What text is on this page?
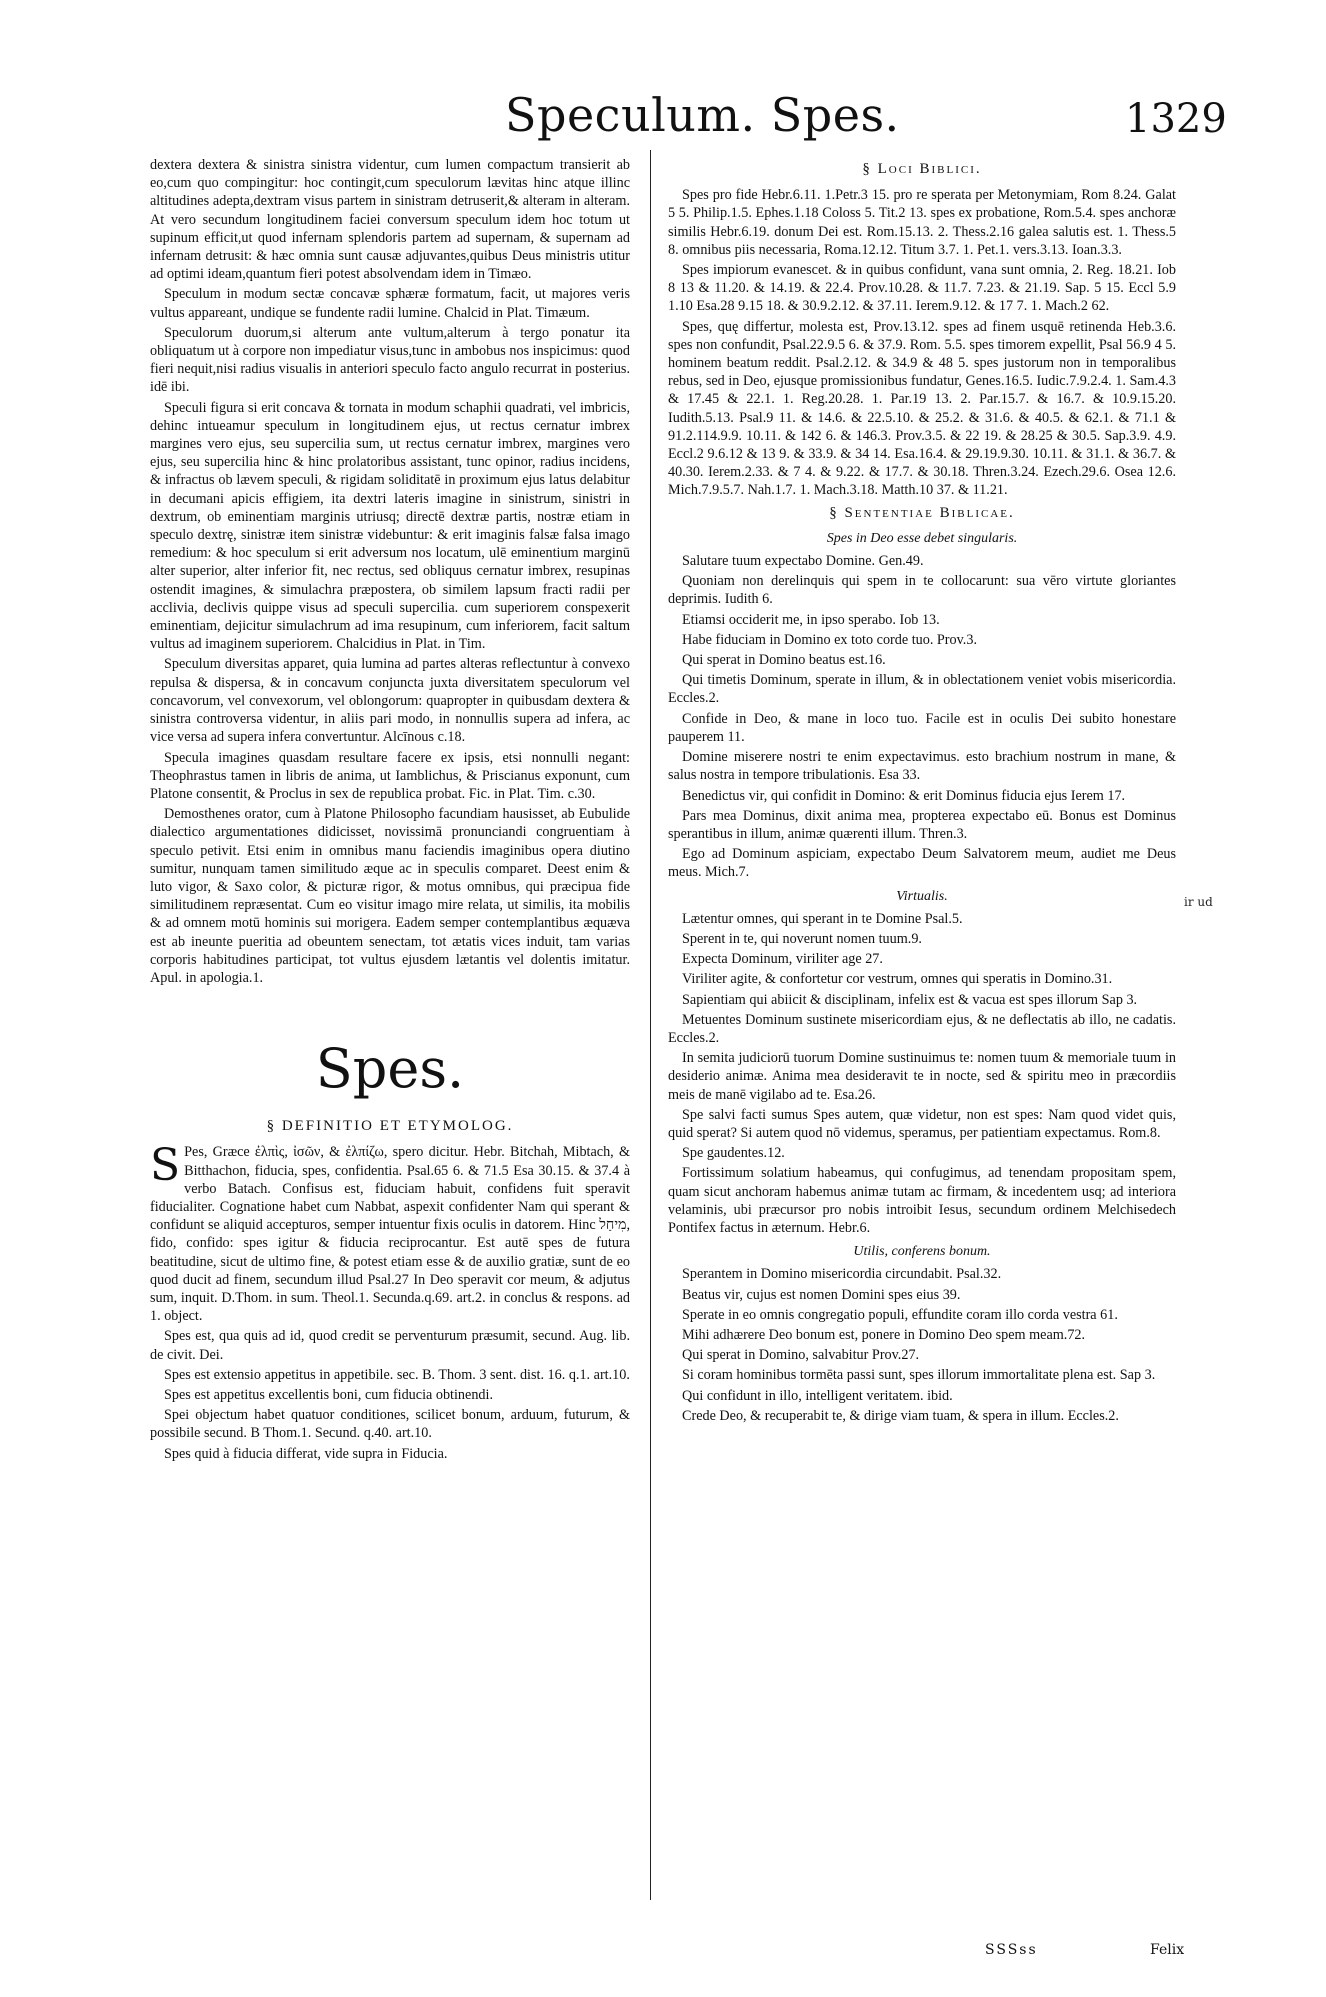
Speculum. Spes.	1329

dextera dextera & sinistra sinistra videntur, cum lumen compactum transierit ab eo,cum quo compingitur: hoc contingit,cum speculorum lævitas hinc atque illinc altitudines adepta,dextram visus partem in sinistram detruserit,& alteram in alteram. At vero secundum longitudinem faciei conversum speculum idem hoc totum ut supinum efficit,ut quod infernam splendoris partem ad supernam, & supernam ad infernam detrusit: & hæc omnia sunt causæ adjuvantes,quibus Deus ministris utitur ad optimi ideam,quantum fieri potest absolvendam idem in Timæo.

Speculum in modum sectæ concavæ sphæræ formatum, facit, ut majores veris vultus appareant, undique se fundente radii lumine. Chalcid in Plat. Timæum.

Speculorum duorum,si alterum ante vultum,alterum à tergo ponatur ita obliquatum ut à corpore non impediatur visus,tunc in ambobus nos inspicimus: quod fieri nequit,nisi radius visualis in anteriori speculo facto angulo recurrat in posterius. idē ibi.

Speculi figura si erit concava & tornata in modum schaphii quadrati, vel imbricis, dehinc intueamur speculum in longitudinem ejus, ut rectus cernatur imbrex margines vero ejus, seu supercilia sum, ut rectus cernatur imbrex, margines vero ejus, seu supercilia hinc & hinc prolatoribus assistant, tunc opinor, radius incidens, & infractus ob lævem speculi, & rigidam soliditatē in proximum ejus latus delabitur in decumani apicis effigiem, ita dextri lateris imagine in sinistrum, sinistri in dextrum, ob eminentiam marginis utriusq; directē dextræ partis, nostræ etiam in speculo dextrę, sinistræ item sinistræ videbuntur: & erit imaginis falsæ falsa imago remedium: & hoc speculum si erit adversum nos locatum, ulē eminentium marginū alter superior, alter inferior fit, nec rectus, sed obliquus cernatur imbrex, resupinas ostendit imagines, & simulachra præpostera, ob similem lapsum fracti radii per acclivia, declivis quippe visus ad speculi supercilia. cum superiorem conspexerit eminentiam, dejicitur simulachrum ad ima resupinum, cum inferiorem, facit saltum vultus ad imaginem superiorem. Chalcidius in Plat. in Tim.

Speculum diversitas apparet, quia lumina ad partes alteras reflectuntur à convexo repulsa & dispersa, & in concavum conjuncta juxta diversitatem speculorum vel concavorum, vel convexorum, vel oblongorum: quapropter in quibusdam dextera & sinistra controversa videntur, in aliis pari modo, in nonnullis supera ad infera, ac vice versa ad supera infera convertuntur. Alcīnous c.18.

Specula imagines quasdam resultare facere ex ipsis, etsi nonnulli negant: Theophrastus tamen in libris de anima, ut Iamblichus, & Priscianus exponunt, cum Platone consentit, & Proclus in sex de republica probat. Fic. in Plat. Tim. c.30.

Demosthenes orator, cum à Platone Philosopho facundiam hausisset, ab Eubulide dialectico argumentationes didicisset, novissimā pronunciandi congruentiam à speculo petivit. Etsi enim in omnibus manu faciendis imaginibus opera diutino sumitur, nunquam tamen similitudo æque ac in speculis comparet. Deest enim & luto vigor, & Saxo color, & picturæ rigor, & motus omnibus, qui præcipua fide similitudinem repræsentat. Cum eo visitur imago mire relata, ut similis, ita mobilis & ad omnem motū hominis sui morigera. Eadem semper contemplantibus æquæva est ab ineunte pueritia ad obeuntem senectam, tot ætatis vices induit, tam varias corporis habitudines participat, tot vultus ejusdem lætantis vel dolentis imitatur. Apul. in apologia.1.

Spes.
§ DEFINITIO ET ETYMOLOG.

S Pes, Græce ἐλπὶς, ἰσῶν, & ἐλπίζω, spero dicitur. Hebr. Bitchah, Mibtach, & Bitthachon, fiducia, spes, confidentia. Psal.65 6. & 71.5 Esa 30.15. & 37.4 à verbo Batach. Confisus est, fiduciam habuit, confidens fuit speravit fiducialiter. Cognatione habet cum Nabbat, aspexit confidenter Nam qui sperant & confidunt se aliquid accepturos, semper intuentur fixis oculis in datorem. Hinc מִיחַל, fido, confido: spes igitur & fiducia reciprocantur. Est autē spes de futura beatitudine, sicut de ultimo fine, & potest etiam esse & de auxilio gratiæ, sunt de eo quod ducit ad finem, secundum illud Psal.27 In Deo speravit cor meum, & adjutus sum, inquit. D.Thom. in sum. Theol.1. Secunda.q.69. art.2. in conclus & respons. ad 1. object.

Spes est, qua quis ad id, quod credit se perventurum præsumit, secund. Aug. lib. de civit. Dei.

Spes est extensio appetitus in appetibile. sec. B. Thom. 3 sent. dist. 16. q.1. art.10.

Spes est appetitus excellentis boni, cum fiducia obtinendi.

Spei objectum habet quatuor conditiones, scilicet bonum, arduum, futurum, & possibile secund. B Thom.1. Secund. q.40. art.10.

Spes quid à fiducia differat, vide supra in Fiducia.

§ Loci Biblici.

Spes pro fide Hebr.6.11. 1.Petr.3 15. pro re sperata per Metonymiam, Rom 8.24. Galat 5 5. Philip.1.5. Ephes.1.18 Coloss 5. Tit.2 13. spes ex probatione, Rom.5.4. spes anchoræ similis Hebr.6.19. donum Dei est. Rom.15.13. 2. Thess.2.16 galea salutis est. 1. Thess.5 8. omnibus piis necessaria, Roma.12.12. Titum 3.7. 1. Pet.1. vers.3.13. Ioan.3.3.

Spes impiorum evanescet. & in quibus confidunt, vana sunt omnia, 2. Reg. 18.21. Iob 8 13 & 11.20. & 14.19. & 22.4. Prov.10.28. & 11.7. 7.23. & 21.19. Sap. 5 15. Eccl 5.9 1.10 Esa.28 9.15 18. & 30.9.2.12. & 37.11. Ierem.9.12. & 17 7. 1. Mach.2 62.

Spes, quę differtur, molesta est, Prov.13.12. spes ad finem usquē retinenda Heb.3.6. spes non confundit, Psal.22.9.5 6. & 37.9. Rom. 5.5. spes timorem expellit, Psal 56.9 4 5. hominem beatum reddit. Psal.2.12. & 34.9 & 48 5. spes justorum non in temporalibus rebus, sed in Deo, ejusque promissionibus fundatur, Genes.16.5. Iudic.7.9.2.4. 1. Sam.4.3 & 17.45 & 22.1. 1. Reg.20.28. 1. Par.19 13. 2. Par.15.7. & 16.7. & 10.9.15.20. Iudith.5.13. Psal.9 11. & 14.6. & 22.5.10. & 25.2. & 31.6. & 40.5. & 62.1. & 71.1 & 91.2.114.9.9. 10.11. & 142 6. & 146.3. Prov.3.5. & 22 19. & 28.25 & 30.5. Sap.3.9. 4.9. Eccl.2 9.6.12 & 13 9. & 33.9. & 34 14. Esa.16.4. & 29.19.9.30. 10.11. & 31.1. & 36.7. & 40.30. Ierem.2.33. & 7 4. & 9.22. & 17.7. & 30.18. Thren.3.24. Ezech.29.6. Osea 12.6. Mich.7.9.5.7. Nah.1.7. 1. Mach.3.18. Matth.10 37. & 11.21.

§ Sententiae Biblicae.
Spes in Deo esse debet singularis.

Salutare tuum expectabo Domine. Gen.49.

Quoniam non derelinquis qui spem in te collocarunt: sua vēro virtute gloriantes deprimis. Iudith 6.

Etiamsi occiderit me, in ipso sperabo. Iob 13.

Habe fiduciam in Domino ex toto corde tuo. Prov.3.

Qui sperat in Domino beatus est.16.

Qui timetis Dominum, sperate in illum, & in oblectationem veniet vobis misericordia. Eccles.2.

Confide in Deo, & mane in loco tuo. Facile est in oculis Dei subito honestare pauperem 11.

Domine miserere nostri te enim expectavimus. esto brachium nostrum in mane, & salus nostra in tempore tribulationis. Esa 33.

Benedictus vir, qui confidit in Domino: & erit Dominus fiducia ejus Ierem 17.

Pars mea Dominus, dixit anima mea, propterea expectabo eū. Bonus est Dominus sperantibus in illum, animæ quærenti illum. Thren.3.

Ego ad Dominum aspiciam, expectabo Deum Salvatorem meum, audiet me Deus meus. Mich.7.

Virtualis.

Lætentur omnes, qui sperant in te Domine Psal.5.

Sperent in te, qui noverunt nomen tuum.9.

Expecta Dominum, viriliter age 27.

Viriliter agite, & confortetur cor vestrum, omnes qui speratis in Domino.31.

Sapientiam qui abiicit & disciplinam, infelix est & vacua est spes illorum Sap 3.

Metuentes Dominum sustinete misericordiam ejus, & ne deflectatis ab illo, ne cadatis. Eccles.2.

In semita judiciorū tuorum Domine sustinuimus te: nomen tuum & memoriale tuum in desiderio animæ. Anima mea desideravit te in nocte, sed & spiritu meo in præcordiis meis de manē vigilabo ad te. Esa.26.

Spe salvi facti sumus Spes autem, quæ videtur, non est spes: Nam quod videt quis, quid sperat? Si autem quod nō videmus, speramus, per patientiam expectamus. Rom.8.

Spe gaudentes.12.

Fortissimum solatium habeamus, qui confugimus, ad tenendam propositam spem, quam sicut anchoram habemus animæ tutam ac firmam, & incedentem usq; ad interiora velaminis, ubi præcursor pro nobis introibit Iesus, secundum ordinem Melchisedech Pontifex factus in æternum. Hebr.6.

Utilis, conferens bonum.

Sperantem in Domino misericordia circundabit. Psal.32.

Beatus vir, cujus est nomen Domini spes eius 39.

Sperate in eo omnis congregatio populi, effundite coram illo corda vestra 61.

Mihi adhærere Deo bonum est, ponere in Domino Deo spem meam.72.

Qui sperat in Domino, salvabitur Prov.27.

Si coram hominibus tormēta passi sunt, spes illorum immortalitate plena est. Sap 3.

Qui confidunt in illo, intelligent veritatem. ibid.

Crede Deo, & recuperabit te, & dirige viam tuam, & spera in illum. Eccles.2.

ir ud
SSSss	Felix
